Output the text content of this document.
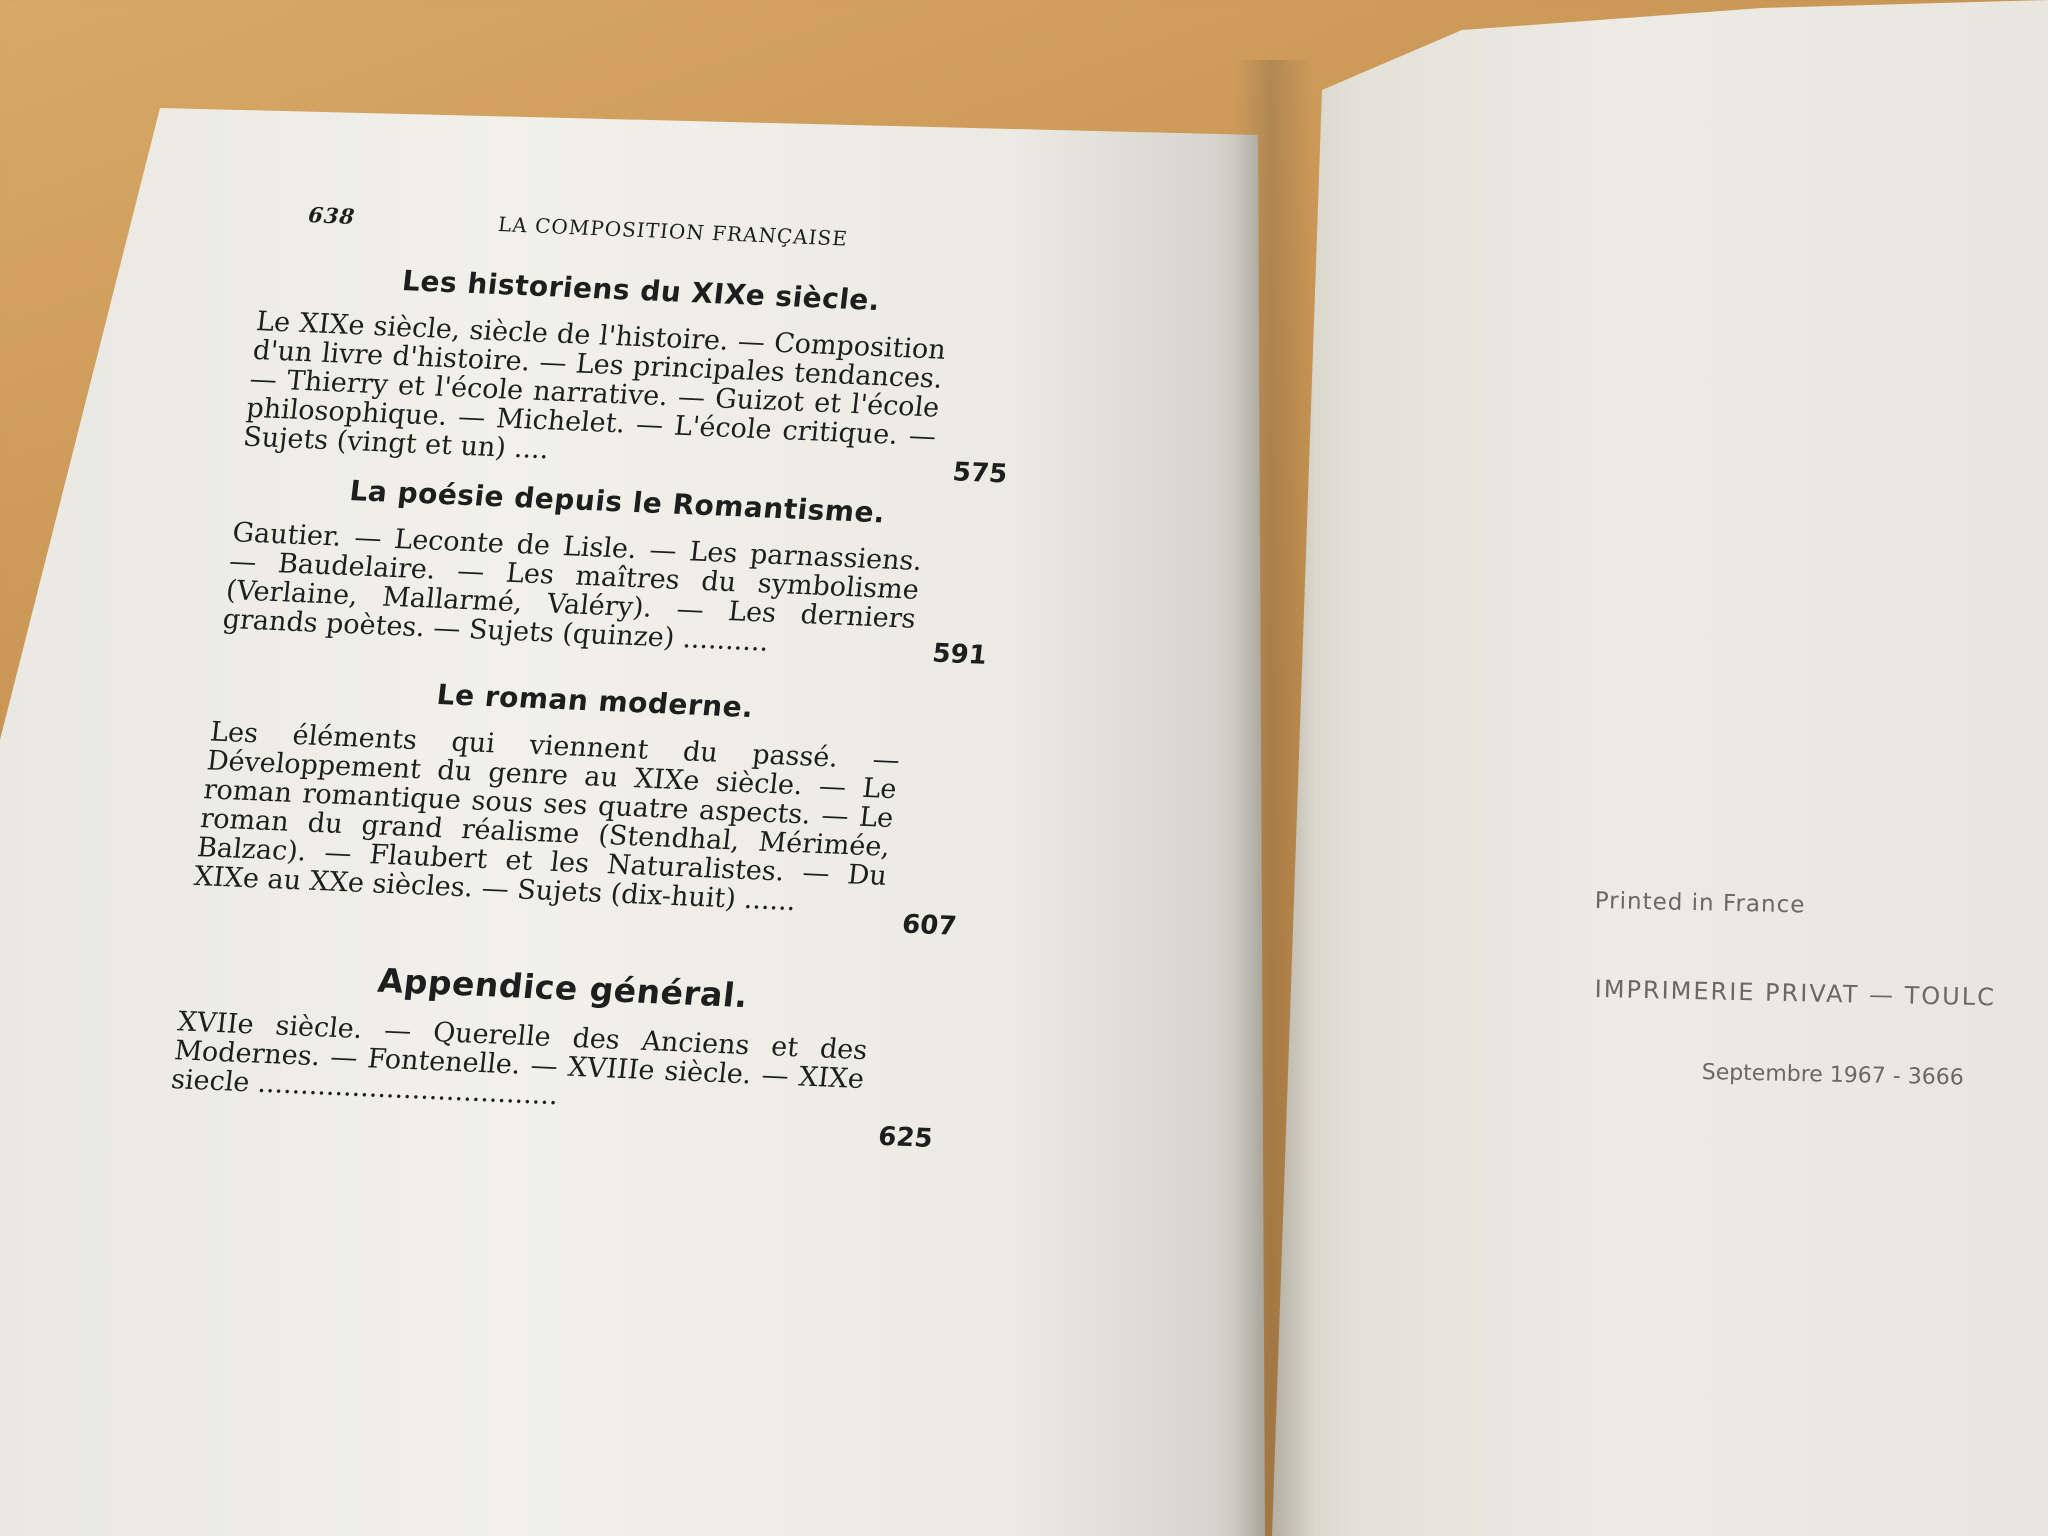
638	LA COMPOSITION FRANÇAISE
Les historiens du XIXe siècle.

Le XIXe siècle, siècle de l'histoire. — Composition d'un livre d'histoire. — Les principales tendances. — Thierry et l'école narrative. — Guizot et l'école philosophique. — Michelet. — L'école critique. — Sujets (vingt et un) ....

575
La poésie depuis le Romantisme.

Gautier. — Leconte de Lisle. — Les parnassiens. — Baudelaire. — Les maîtres du symbolisme (Verlaine, Mallarmé, Valéry). — Les derniers grands poètes. — Sujets (quinze) ..........	591
Le roman moderne.

Les éléments qui viennent du passé. — Développement du genre au XIXe siècle. — Le roman romantique sous ses quatre aspects. — Le roman du grand réalisme (Stendhal, Mérimée, Balzac). — Flaubert et les Naturalistes. — Du XIXe au XXe siècles. — Sujets (dix-huit) ......

607
Appendice général.

XVIIe siècle. — Querelle des Anciens et des Modernes. — Fontenelle. — XVIIIe siècle. — XIXe siecle ...................................

625
Printed in France
IMPRIMERIE PRIVAT — TOULC
Septembre 1967 - 3666
